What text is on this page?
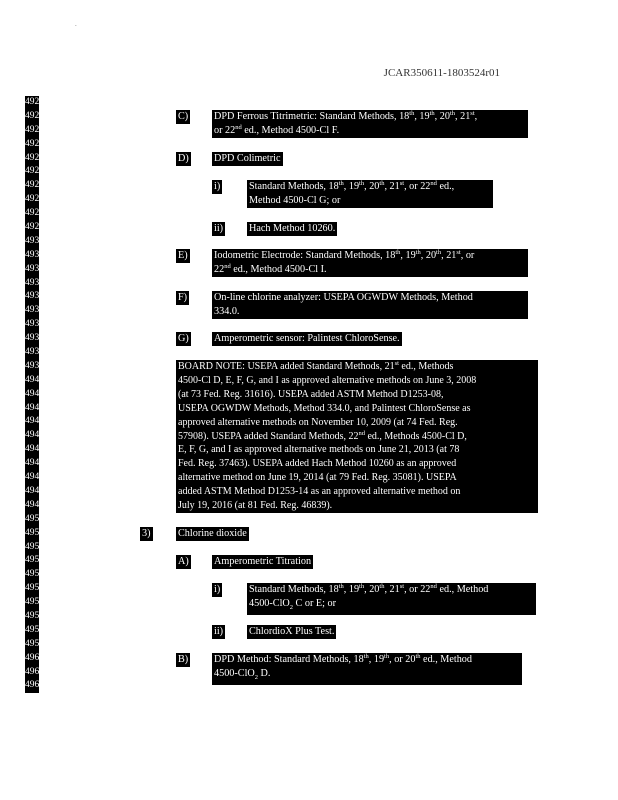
.
JCAR350611-1803524r01
4920
4921
4922
4923
4924
4925
4926
4927
4928
4929
4930
4931
4932
4933
4934
4935
4936
4937
4938
4939
4940
4941
4942
4943
4944
4945
4946
4947
4948
4949
4950
4951
4952
4953
4954
4955
4956
4957
4958
4959
4960
4961
4962
C)	DPD Ferrous Titrimetric: Standard Methods, 18th, 19th, 20th, 21st,
or 22nd ed., Method 4500-Cl F.
D) DPD Colimetric
i)	Standard Methods, 18th, 19th, 20th, 21st, or 22nd ed.,
Method 4500-Cl G; or
ii)	Hach Method 10260.
E)	Iodometric Electrode: Standard Methods, 18th, 19th, 20th, 21st, or
22nd ed., Method 4500-Cl I.
F)	On-line chlorine analyzer: USEPA OGWDW Methods, Method
334.0.
G) Amperometric sensor: Palintest ChloroSense.
BOARD NOTE: USEPA added Standard Methods, 21st ed., Methods
4500-Cl D, E, F, G, and I as approved alternative methods on June 3, 2008
(at 73 Fed. Reg. 31616). USEPA added ASTM Method D1253-08,
USEPA OGWDW Methods, Method 334.0, and Palintest ChloroSense as
approved alternative methods on November 10, 2009 (at 74 Fed. Reg.
57908). USEPA added Standard Methods, 22nd ed., Methods 4500-Cl D,
E, F, G, and I as approved alternative methods on June 21, 2013 (at 78
Fed. Reg. 37463). USEPA added Hach Method 10260 as an approved
alternative method on June 19, 2014 (at 79 Fed. Reg. 35081). USEPA
added ASTM Method D1253-14 as an approved alternative method on
July 19, 2016 (at 81 Fed. Reg. 46839).
3)	Chlorine dioxide
A) Amperometric Titration
i)	Standard Methods, 18th, 19th, 20th, 21st, or 22nd ed., Method
4500-ClO$_2$ C or E; or
ii)	ChlordioX Plus Test.
B)	DPD Method: Standard Methods, 18th, 19th, or 20th ed., Method
4500-ClO$_2$ D.
